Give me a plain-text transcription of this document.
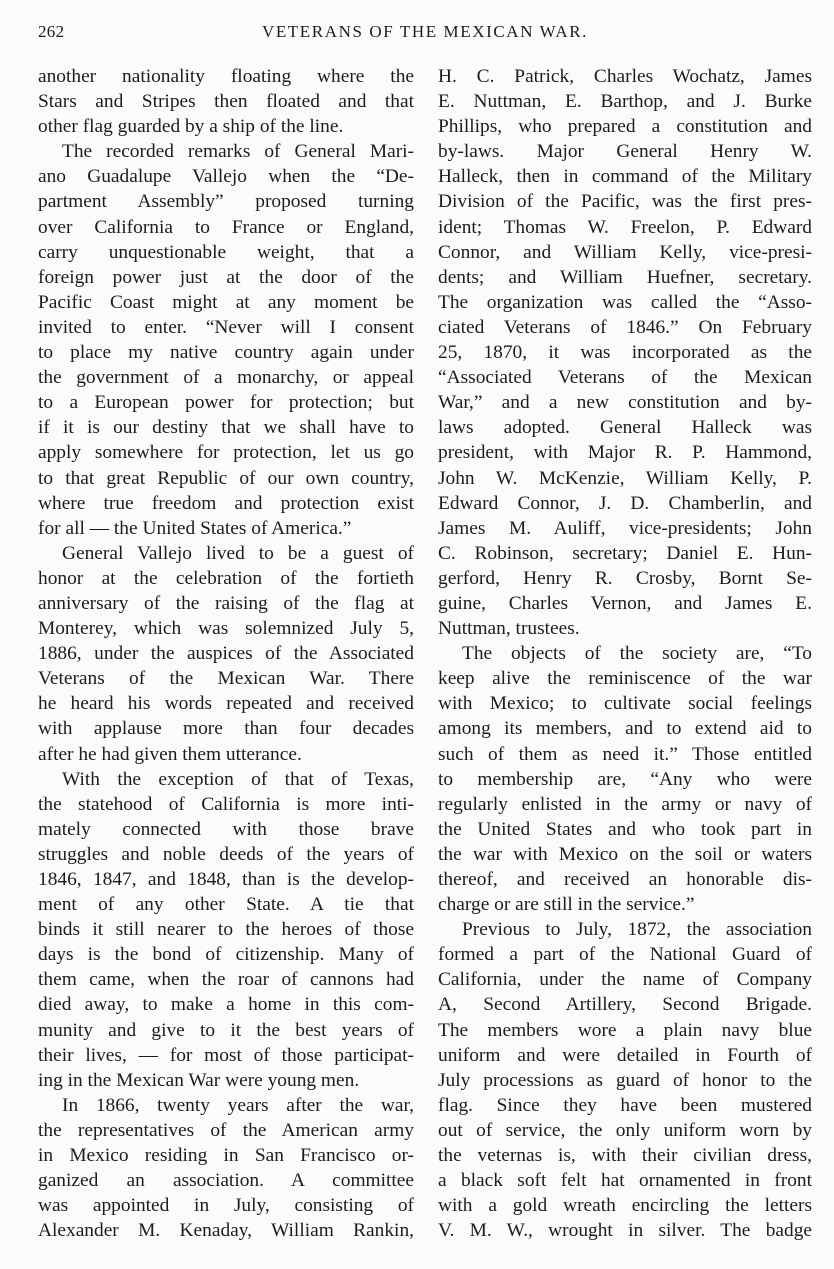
262	VETERANS OF THE MEXICAN WAR.
another nationality floating where the
Stars and Stripes then floated and that
other flag guarded by a ship of the line.
The recorded remarks of General Mari-
ano Guadalupe Vallejo when the “De-
partment Assembly” proposed turning
over California to France or England,
carry unquestionable weight, that a
foreign power just at the door of the
Pacific Coast might at any moment be
invited to enter. “Never will I consent
to place my native country again under
the government of a monarchy, or appeal
to a European power for protection; but
if it is our destiny that we shall have to
apply somewhere for protection, let us go
to that great Republic of our own country,
where true freedom and protection exist
for all — the United States of America.”
General Vallejo lived to be a guest of
honor at the celebration of the fortieth
anniversary of the raising of the flag at
Monterey, which was solemnized July 5,
1886, under the auspices of the Associated
Veterans of the Mexican War. There
he heard his words repeated and received
with applause more than four decades
after he had given them utterance.
With the exception of that of Texas,
the statehood of California is more inti-
mately connected with those brave
struggles and noble deeds of the years of
1846, 1847, and 1848, than is the develop-
ment of any other State. A tie that
binds it still nearer to the heroes of those
days is the bond of citizenship. Many of
them came, when the roar of cannons had
died away, to make a home in this com-
munity and give to it the best years of
their lives, — for most of those participat-
ing in the Mexican War were young men.
In 1866, twenty years after the war,
the representatives of the American army
in Mexico residing in San Francisco or-
ganized an association. A committee
was appointed in July, consisting of
Alexander M. Kenaday, William Rankin,
H. C. Patrick, Charles Wochatz, James
E. Nuttman, E. Barthop, and J. Burke
Phillips, who prepared a constitution and
by-laws. Major General Henry W.
Halleck, then in command of the Military
Division of the Pacific, was the first pres-
ident; Thomas W. Freelon, P. Edward
Connor, and William Kelly, vice-presi-
dents; and William Huefner, secretary.
The organization was called the “Asso-
ciated Veterans of 1846.” On February
25, 1870, it was incorporated as the
“Associated Veterans of the Mexican
War,” and a new constitution and by-
laws adopted. General Halleck was
president, with Major R. P. Hammond,
John W. McKenzie, William Kelly, P.
Edward Connor, J. D. Chamberlin, and
James M. Auliff, vice-presidents; John
C. Robinson, secretary; Daniel E. Hun-
gerford, Henry R. Crosby, Bornt Se-
guine, Charles Vernon, and James E.
Nuttman, trustees.
The objects of the society are, “To
keep alive the reminiscence of the war
with Mexico; to cultivate social feelings
among its members, and to extend aid to
such of them as need it.” Those entitled
to membership are, “Any who were
regularly enlisted in the army or navy of
the United States and who took part in
the war with Mexico on the soil or waters
thereof, and received an honorable dis-
charge or are still in the service.”
Previous to July, 1872, the association
formed a part of the National Guard of
California, under the name of Company
A, Second Artillery, Second Brigade.
The members wore a plain navy blue
uniform and were detailed in Fourth of
July processions as guard of honor to the
flag. Since they have been mustered
out of service, the only uniform worn by
the veternas is, with their civilian dress,
a black soft felt hat ornamented in front
with a gold wreath encircling the letters
V. M. W., wrought in silver. The badge
